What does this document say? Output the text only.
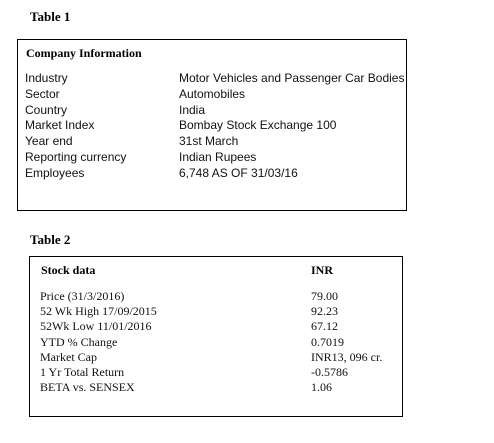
Table 1
Company Information
Industry
Sector
Country
Market Index
Year end
Reporting currency
Employees
Motor Vehicles and Passenger Car Bodies
Automobiles
India
Bombay Stock Exchange 100
31st March
Indian Rupees
6,748 AS OF 31/03/16
Table 2
Stock data	INR
Price (31/3/2016)
52 Wk High 17/09/2015
52Wk Low 11/01/2016
YTD % Change
Market Cap
1 Yr Total Return
BETA vs. SENSEX
79.00
92.23
67.12
0.7019
INR13, 096 cr.
-0.5786
1.06
